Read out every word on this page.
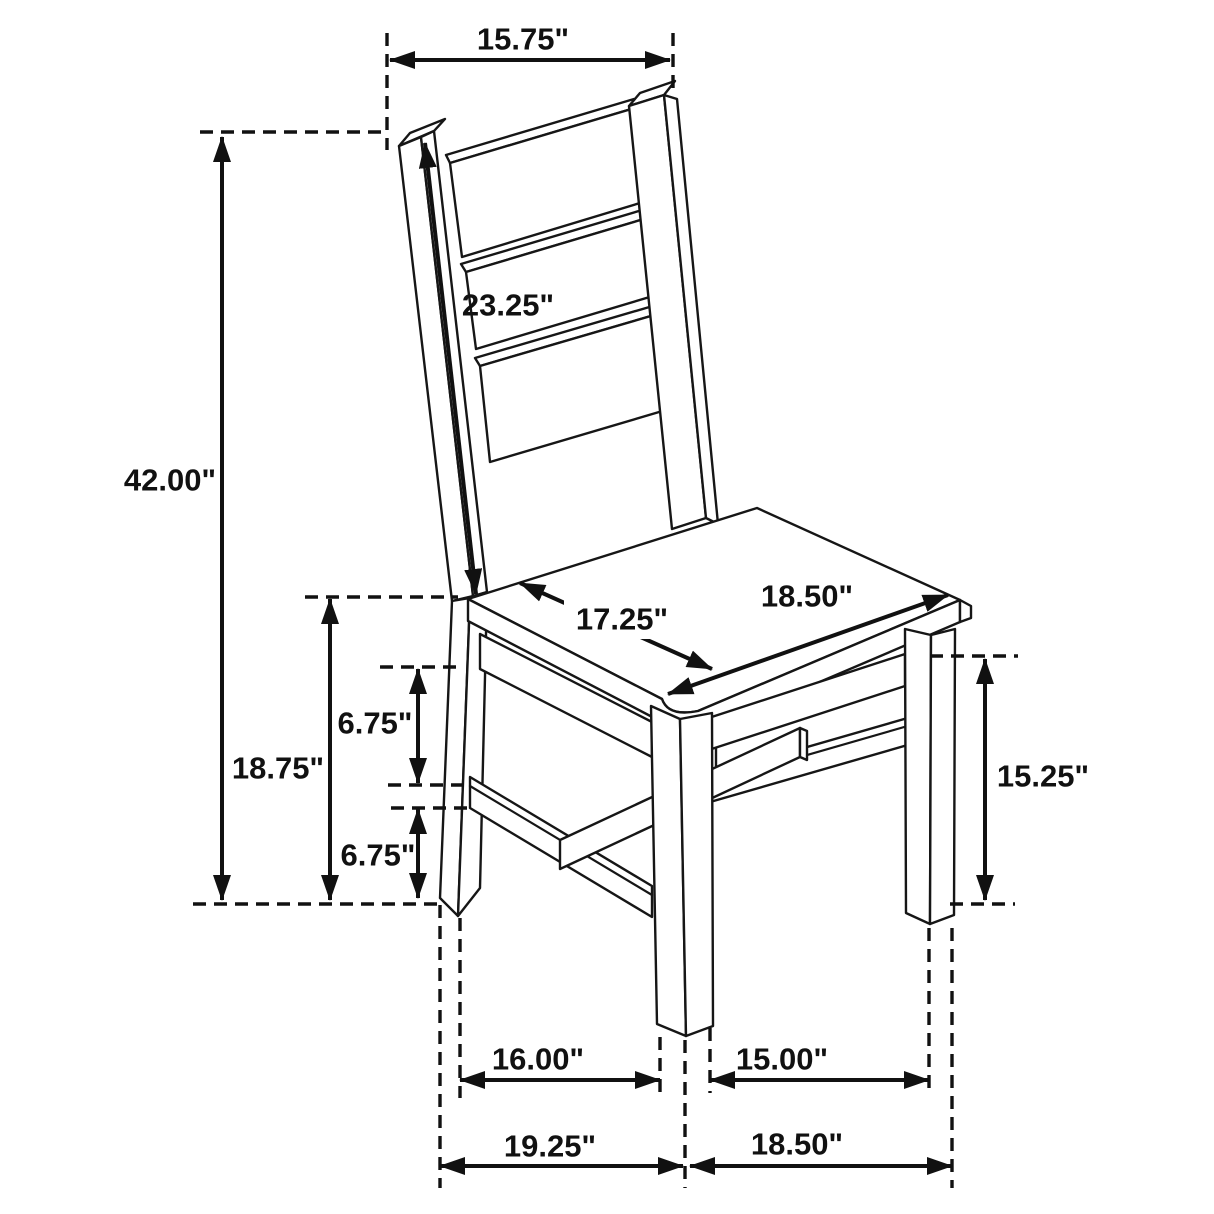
15.75"
42.00"
23.25"
17.25"
18.50"
18.75"
6.75"
6.75"
15.25"
16.00"	15.00"
19.25"	18.50"
